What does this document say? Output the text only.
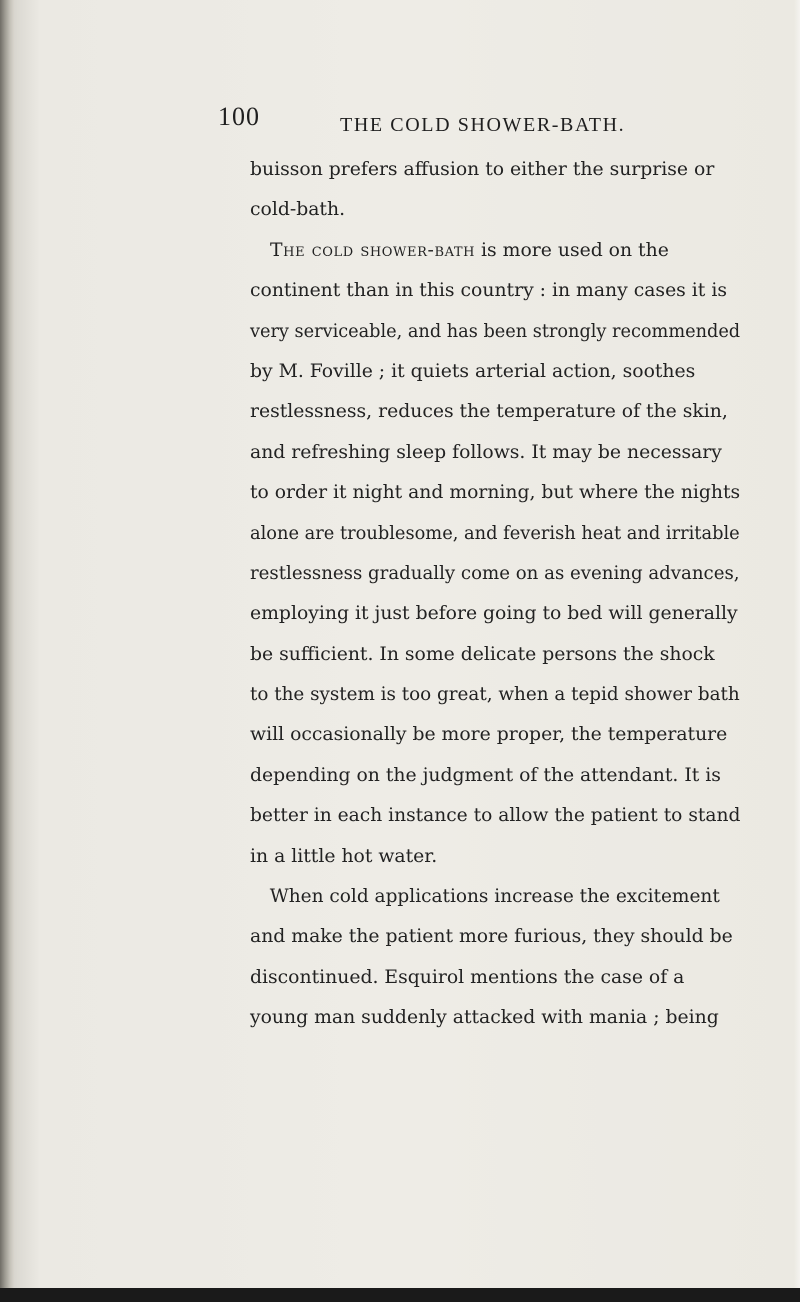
100	THE COLD SHOWER-BATH.
buisson prefers affusion to either the surprise or
cold-bath.
The cold shower-bath is more used on the
continent than in this country : in many cases it is
very serviceable, and has been strongly recommended
by M. Foville ; it quiets arterial action, soothes
restlessness, reduces the temperature of the skin,
and refreshing sleep follows. It may be necessary
to order it night and morning, but where the nights
alone are troublesome, and feverish heat and irritable
restlessness gradually come on as evening advances,
employing it just before going to bed will generally
be sufficient. In some delicate persons the shock
to the system is too great, when a tepid shower bath
will occasionally be more proper, the temperature
depending on the judgment of the attendant. It is
better in each instance to allow the patient to stand
in a little hot water.
When cold applications increase the excitement
and make the patient more furious, they should be
discontinued. Esquirol mentions the case of a
young man suddenly attacked with mania ; being
